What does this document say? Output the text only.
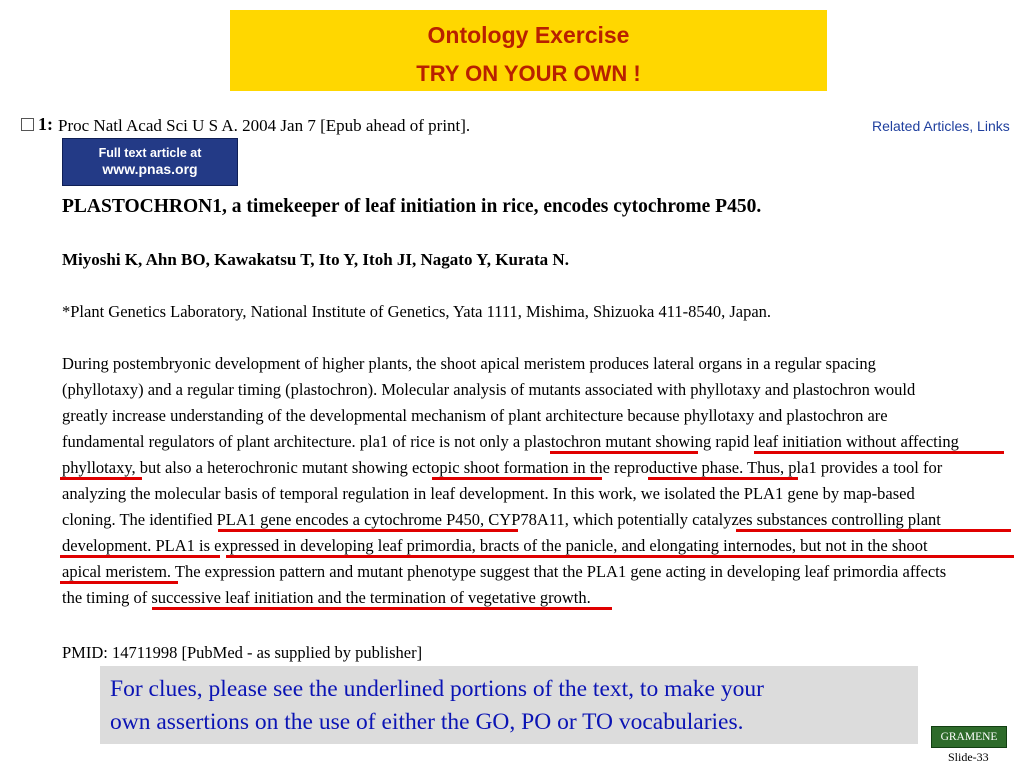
Ontology Exercise
TRY ON YOUR OWN !
1: Proc Natl Acad Sci U S A. 2004 Jan 7 [Epub ahead of print].	Related Articles, Links
Full text article at
www.pnas.org
PLASTOCHRON1, a timekeeper of leaf initiation in rice, encodes cytochrome P450.
Miyoshi K, Ahn BO, Kawakatsu T, Ito Y, Itoh JI, Nagato Y, Kurata N.
*Plant Genetics Laboratory, National Institute of Genetics, Yata 1111, Mishima, Shizuoka 411-8540, Japan.
During postembryonic development of higher plants, the shoot apical meristem produces lateral organs in a regular spacing
(phyllotaxy) and a regular timing (plastochron). Molecular analysis of mutants associated with phyllotaxy and plastochron would
greatly increase understanding of the developmental mechanism of plant architecture because phyllotaxy and plastochron are
fundamental regulators of plant architecture. pla1 of rice is not only a plastochron mutant showing rapid leaf initiation without affecting
phyllotaxy, but also a heterochronic mutant showing ectopic shoot formation in the reproductive phase. Thus, pla1 provides a tool for
analyzing the molecular basis of temporal regulation in leaf development. In this work, we isolated the PLA1 gene by map-based
cloning. The identified PLA1 gene encodes a cytochrome P450, CYP78A11, which potentially catalyzes substances controlling plant
development. PLA1 is expressed in developing leaf primordia, bracts of the panicle, and elongating internodes, but not in the shoot
apical meristem. The expression pattern and mutant phenotype suggest that the PLA1 gene acting in developing leaf primordia affects
the timing of successive leaf initiation and the termination of vegetative growth.
PMID: 14711998 [PubMed - as supplied by publisher]
For clues, please see the underlined portions of the text, to make your
own assertions on the use of either the GO, PO or TO vocabularies.
GRAMENE
Slide-33
